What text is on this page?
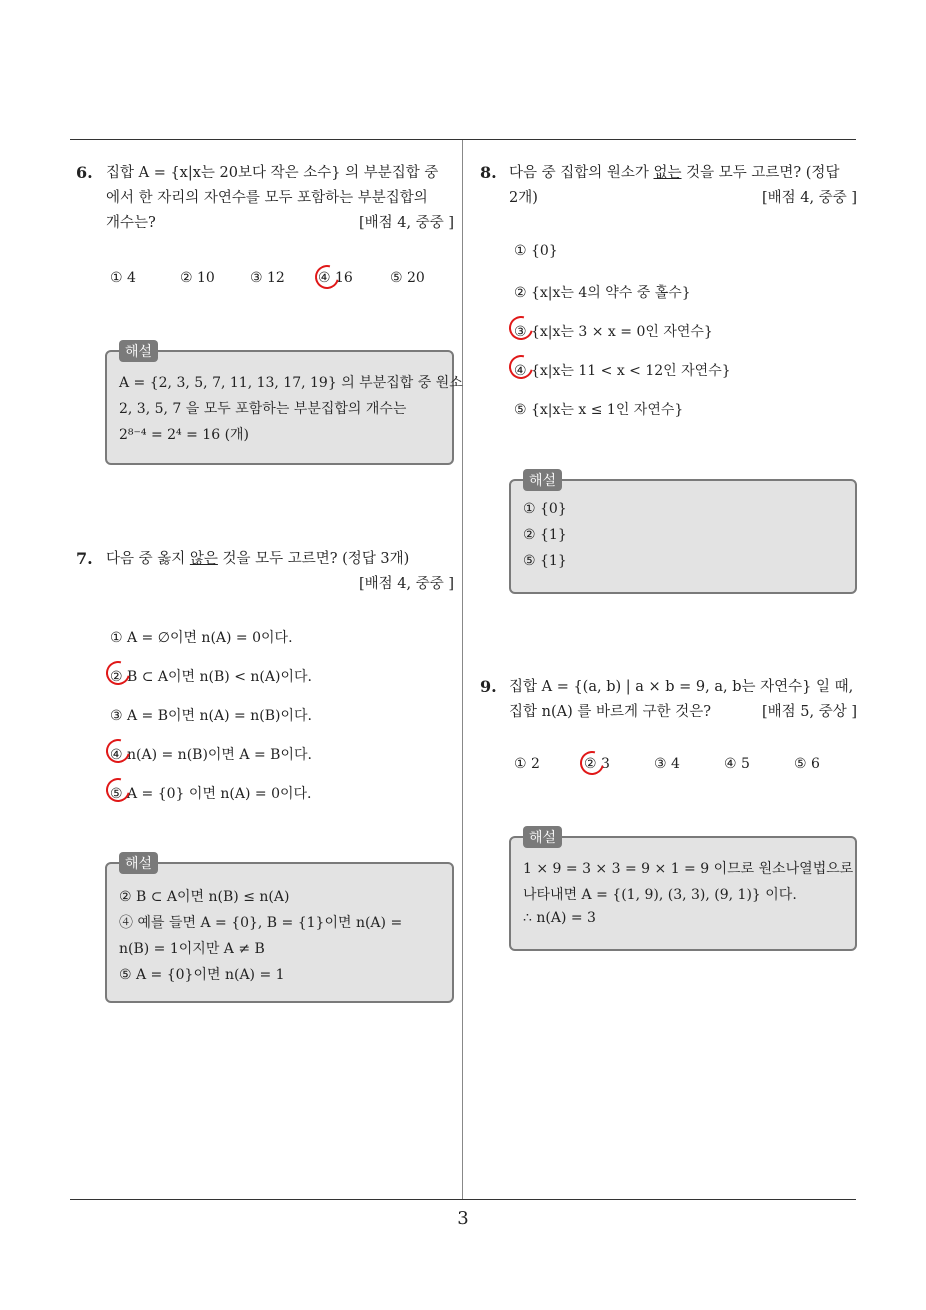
6. 집합 A = {x|x는 20보다 작은 소수} 의 부분집합 중
에서 한 자리의 자연수를 모두 포함하는 부분집합의
개수는?	[배점 4, 중중 ]
① 4	② 10	③ 12 ④ 16	⑤ 20
해설
A = {2, 3, 5, 7, 11, 13, 17, 19} 의 부분집합 중 원소
2, 3, 5, 7 을 모두 포함하는 부분집합의 개수는
2⁸⁻⁴ = 2⁴ = 16 (개)
7. 다음 중 옳지 않은 것을 모두 고르면? (정답 3개)
[배점 4, 중중 ]
① A = ∅이면 n(A) = 0이다.
② B ⊂ A이면 n(B) < n(A)이다.
③ A = B이면 n(A) = n(B)이다.
④ n(A) = n(B)이면 A = B이다.
⑤ A = {0} 이면 n(A) = 0이다.
해설
② B ⊂ A이면 n(B) ≤ n(A)
④ 예를 들면 A = {0}, B = {1}이면 n(A) =
n(B) = 1이지만 A ≠ B
⑤ A = {0}이면 n(A) = 1
8. 다음 중 집합의 원소가 없는 것을 모두 고르면? (정답
2개)	[배점 4, 중중 ]
① {0}
② {x|x는 4의 약수 중 홀수}
③ {x|x는 3 × x = 0인 자연수}
④ {x|x는 11 < x < 12인 자연수}
⑤ {x|x는 x ≤ 1인 자연수}
해설
① {0}
② {1}
⑤ {1}
9. 집합 A = {(a, b) | a × b = 9, a, b는 자연수} 일 때,
집합 n(A) 를 바르게 구한 것은?	[배점 5, 중상 ]
① 2	② 3	③ 4	④ 5	⑤ 6
해설
1 × 9 = 3 × 3 = 9 × 1 = 9 이므로 원소나열법으로
나타내면 A = {(1, 9), (3, 3), (9, 1)} 이다.
∴ n(A) = 3
3
